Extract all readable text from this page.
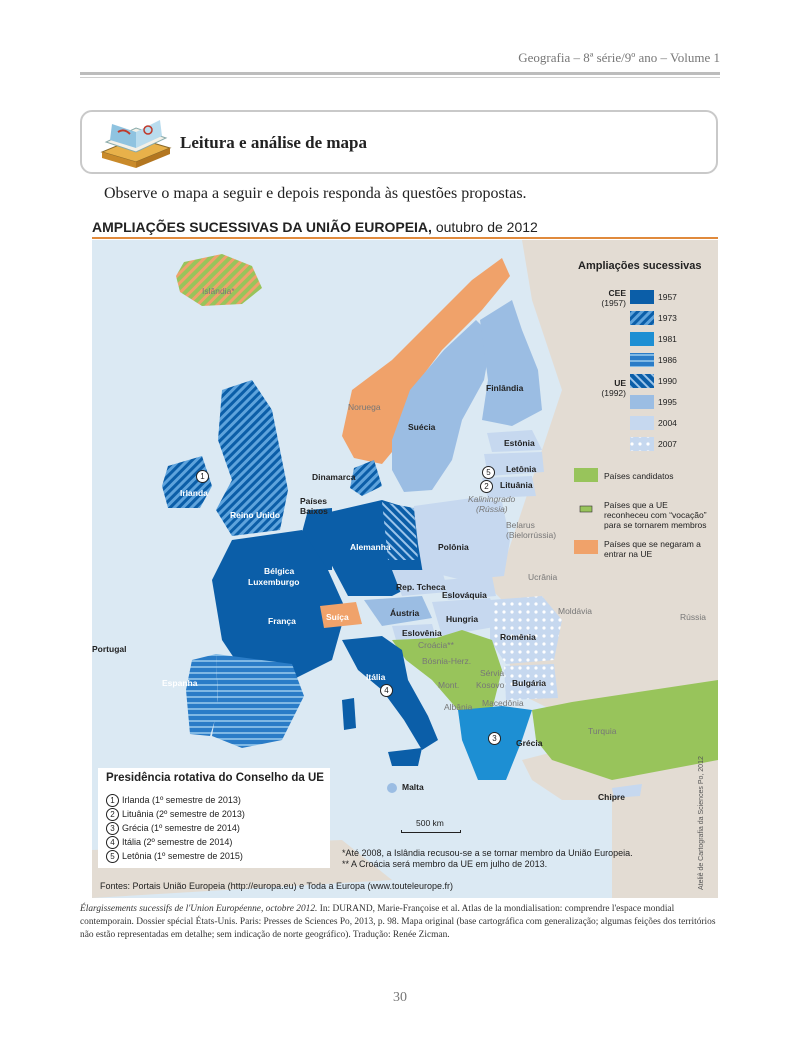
Geografia – 8ª série/9º ano – Volume 1
Leitura e análise de mapa
Observe o mapa a seguir e depois responda às questões propostas.
AMPLIAÇÕES SUCESSIVAS DA UNIÃO EUROPEIA, outubro de 2012
Islândia*
Noruega
Suécia
Finlândia
Estônia
Letônia
5
Lituânia
2
Kaliningrado
(Rússia)
Belarus
(Bielorrússia)
Polônia
Ucrânia
Moldávia
Rússia
1
Irlanda
Reino Unido
Dinamarca
Países
Baixos
Alemanha
Bélgica
Luxemburgo
França	Suíça
Rep. Tcheca
Eslováquia
Áustria
Hungria
Eslovênia	Romênia
Croácia**
Bósnia-Herz.
Sérvia
Mont. Kosovo Bulgária
Albânia Macedônia
Espanha
Portugal
Itália
4
3	Grécia
Turquia
Malta
Chipre
Ampliações sucessivas
CEE
(1957)
UE
(1992)
1957
1973
1981
1986
1990
1995
2004
2007
Países candidatos
Países que a UE reconheceu com “vocação” para se tornarem membros
Países que se negaram a entrar na UE
Presidência rotativa do Conselho da UE
1 Irlanda (1º semestre de 2013)
2 Lituânia (2º semestre de 2013)
3 Grécia (1º semestre de 2014)
4 Itália (2º semestre de 2014)
5 Letônia (1º semestre de 2015)
500 km
*Até 2008, a Islândia recusou-se a se tornar membro da União Europeia.
** A Croácia será membro da UE em julho de 2013.
Fontes: Portais União Europeia (http://europa.eu) e Toda a Europa (www.touteleurope.fr)	Ateliê de Cartografia da Sciences Po, 2012
Élargissements sucessifs de l'Union Européenne, octobre 2012. In: DURAND, Marie-Françoise et al. Atlas de la mondialisation: comprendre l'espace mondial contemporain. Dossier spécial États-Unis. Paris: Presses de Sciences Po, 2013, p. 98. Mapa original (base cartográfica com generalização; algumas feições dos territórios não estão representadas em detalhe; sem indicação de norte geográfico). Tradução: Renée Zicman.
30
